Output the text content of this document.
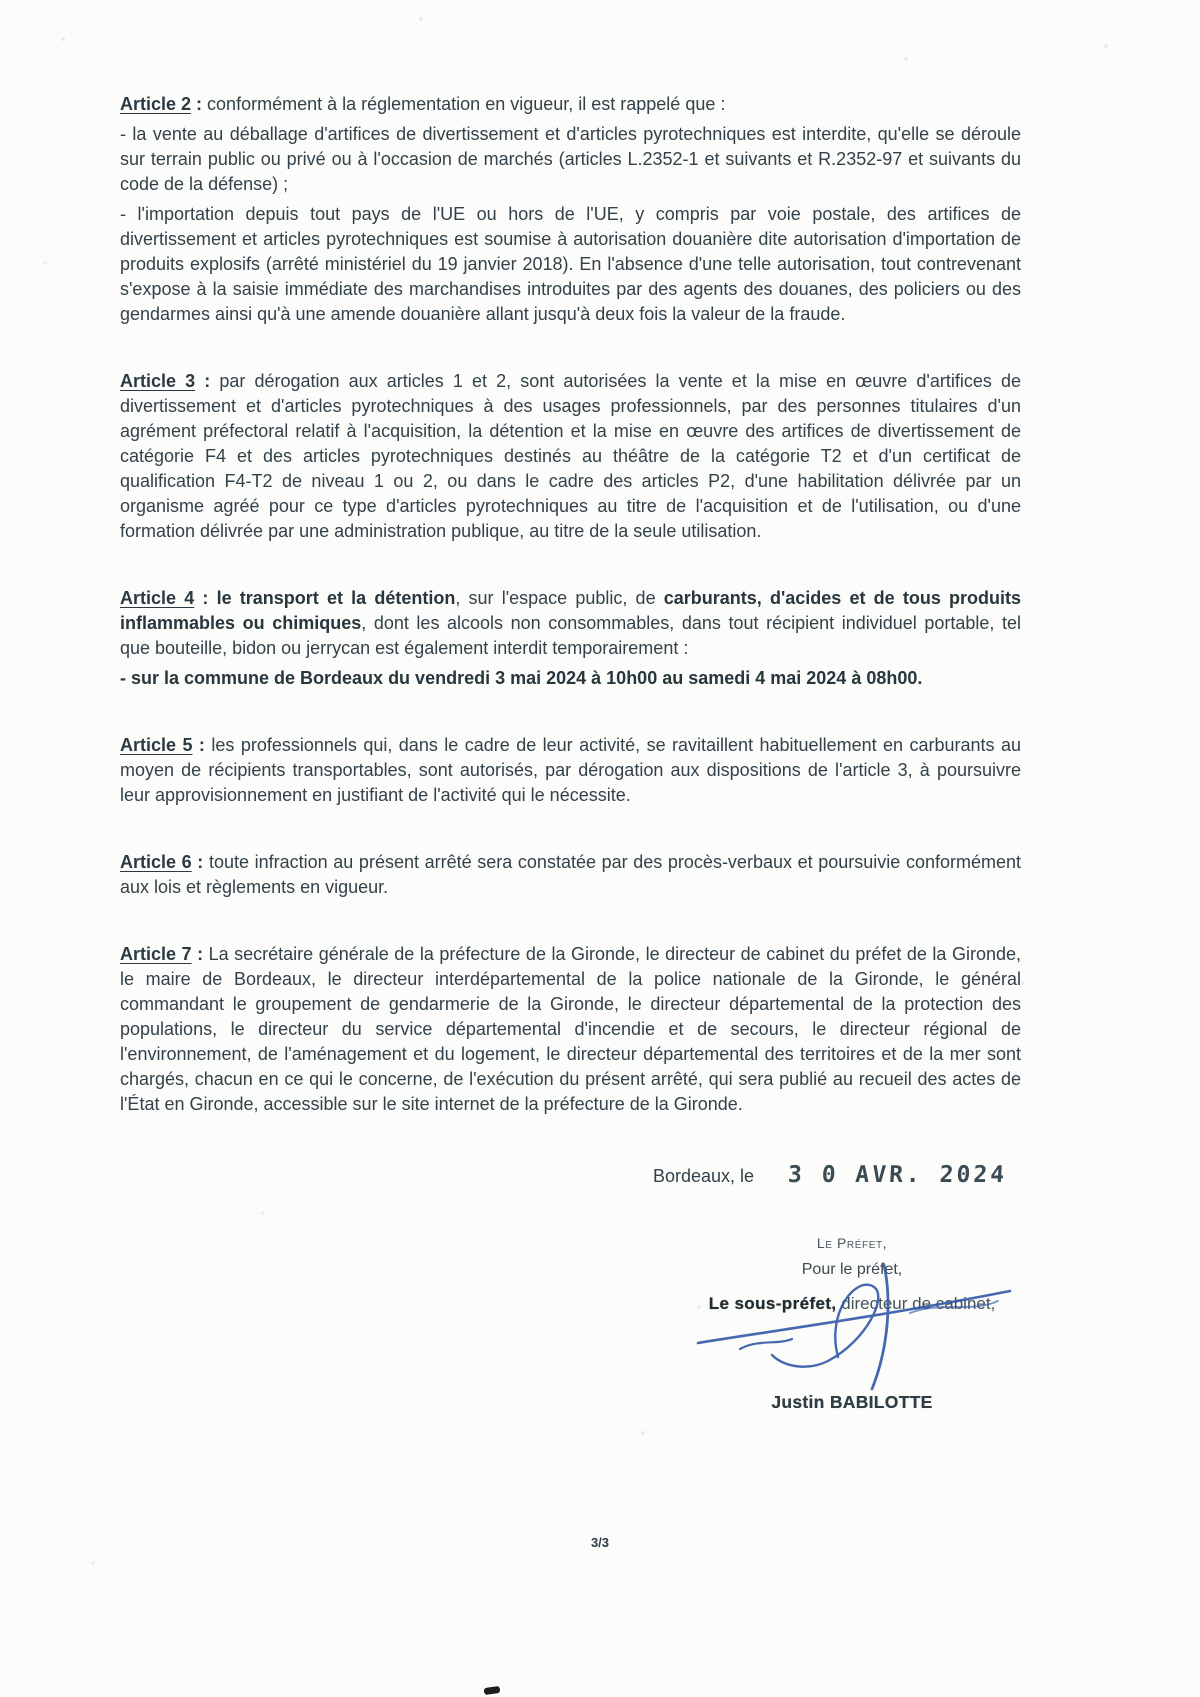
Article 2 : conformément à la réglementation en vigueur, il est rappelé que :

- la vente au déballage d'artifices de divertissement et d'articles pyrotechniques est interdite, qu'elle se déroule sur terrain public ou privé ou à l'occasion de marchés (articles L.2352-1 et suivants et R.2352-97 et suivants du code de la défense) ;

- l'importation depuis tout pays de l'UE ou hors de l'UE, y compris par voie postale, des artifices de divertissement et articles pyrotechniques est soumise à autorisation douanière dite autorisation d'importation de produits explosifs (arrêté ministériel du 19 janvier 2018). En l'absence d'une telle autorisation, tout contrevenant s'expose à la saisie immédiate des marchandises introduites par des agents des douanes, des policiers ou des gendarmes ainsi qu'à une amende douanière allant jusqu'à deux fois la valeur de la fraude.

Article 3 : par dérogation aux articles 1 et 2, sont autorisées la vente et la mise en œuvre d'artifices de divertissement et d'articles pyrotechniques à des usages professionnels, par des personnes titulaires d'un agrément préfectoral relatif à l'acquisition, la détention et la mise en œuvre des artifices de divertissement de catégorie F4 et des articles pyrotechniques destinés au théâtre de la catégorie T2 et d'un certificat de qualification F4-T2 de niveau 1 ou 2, ou dans le cadre des articles P2, d'une habilitation délivrée par un organisme agréé pour ce type d'articles pyrotechniques au titre de l'acquisition et de l'utilisation, ou d'une formation délivrée par une administration publique, au titre de la seule utilisation.

Article 4 : le transport et la détention, sur l'espace public, de carburants, d'acides et de tous produits inflammables ou chimiques, dont les alcools non consommables, dans tout récipient individuel portable, tel que bouteille, bidon ou jerrycan est également interdit temporairement :

- sur la commune de Bordeaux du vendredi 3 mai 2024 à 10h00 au samedi 4 mai 2024 à 08h00.

Article 5 : les professionnels qui, dans le cadre de leur activité, se ravitaillent habituellement en carburants au moyen de récipients transportables, sont autorisés, par dérogation aux dispositions de l'article 3, à poursuivre leur approvisionnement en justifiant de l'activité qui le nécessite.

Article 6 : toute infraction au présent arrêté sera constatée par des procès-verbaux et poursuivie conformément aux lois et règlements en vigueur.

Article 7 : La secrétaire générale de la préfecture de la Gironde, le directeur de cabinet du préfet de la Gironde, le maire de Bordeaux, le directeur interdépartemental de la police nationale de la Gironde, le général commandant le groupement de gendarmerie de la Gironde, le directeur départemental de la protection des populations, le directeur du service départemental d'incendie et de secours, le directeur régional de l'environnement, de l'aménagement et du logement, le directeur départemental des territoires et de la mer sont chargés, chacun en ce qui le concerne, de l'exécution du présent arrêté, qui sera publié au recueil des actes de l'État en Gironde, accessible sur le site internet de la préfecture de la Gironde.

Bordeaux, le 3 0 AVR. 2024
Le Préfet,
Pour le préfet,
Le sous-préfet, directeur de cabinet,
Justin BABILOTTE
3/3
